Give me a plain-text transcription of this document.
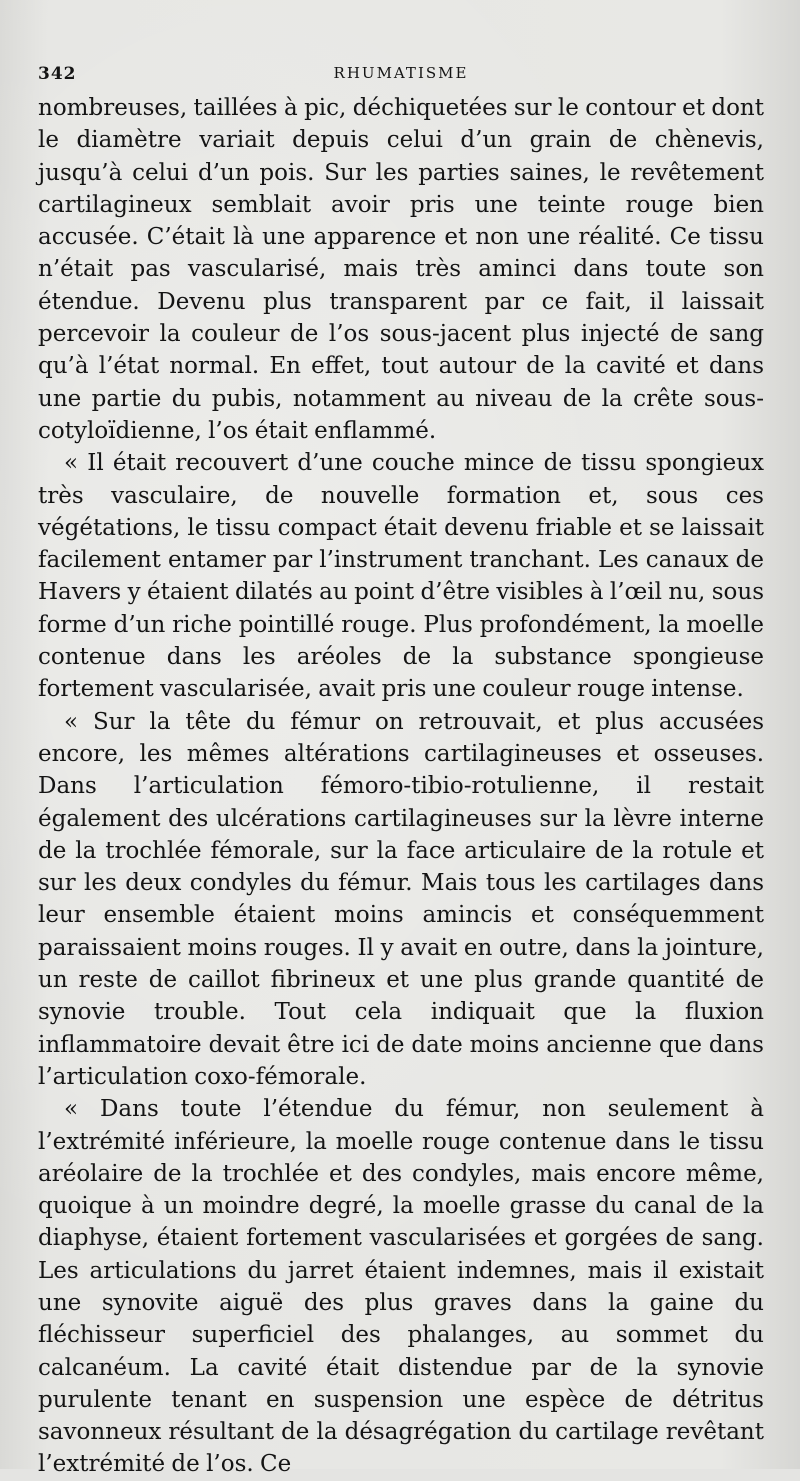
342	RHUMATISME

nombreuses, taillées à pic, déchiquetées sur le contour et dont le diamètre variait depuis celui d’un grain de chènevis, jusqu’à celui d’un pois. Sur les parties saines, le revêtement cartilagineux semblait avoir pris une teinte rouge bien accusée. C’était là une apparence et non une réalité. Ce tissu n’était pas vascularisé, mais très aminci dans toute son étendue. Devenu plus transparent par ce fait, il laissait percevoir la couleur de l’os sous-jacent plus injecté de sang qu’à l’état normal. En effet, tout autour de la cavité et dans une partie du pubis, notamment au niveau de la crête sous-cotyloïdienne, l’os était enflammé.

« Il était recouvert d’une couche mince de tissu spongieux très vasculaire, de nouvelle formation et, sous ces végétations, le tissu compact était devenu friable et se laissait facilement entamer par l’instrument tranchant. Les canaux de Havers y étaient dilatés au point d’être visibles à l’œil nu, sous forme d’un riche pointillé rouge. Plus profondément, la moelle contenue dans les aréoles de la substance spongieuse fortement vascularisée, avait pris une couleur rouge intense.

« Sur la tête du fémur on retrouvait, et plus accusées encore, les mêmes altérations cartilagineuses et osseuses. Dans l’articulation fémoro-tibio-rotulienne, il restait également des ulcérations cartilagineuses sur la lèvre interne de la trochlée fémorale, sur la face articulaire de la rotule et sur les deux condyles du fémur. Mais tous les cartilages dans leur ensemble étaient moins amincis et conséquemment paraissaient moins rouges. Il y avait en outre, dans la jointure, un reste de caillot fibrineux et une plus grande quantité de synovie trouble. Tout cela indiquait que la fluxion inflammatoire devait être ici de date moins ancienne que dans l’articulation coxo-fémorale.

« Dans toute l’étendue du fémur, non seulement à l’extrémité inférieure, la moelle rouge contenue dans le tissu aréolaire de la trochlée et des condyles, mais encore même, quoique à un moindre degré, la moelle grasse du canal de la diaphyse, étaient fortement vascularisées et gorgées de sang. Les articulations du jarret étaient indemnes, mais il existait une synovite aiguë des plus graves dans la gaine du fléchisseur superficiel des phalanges, au sommet du calcanéum. La cavité était distendue par de la synovie purulente tenant en suspension une espèce de détritus savonneux résultant de la désagrégation du cartilage revêtant l’extrémité de l’os. Ce
